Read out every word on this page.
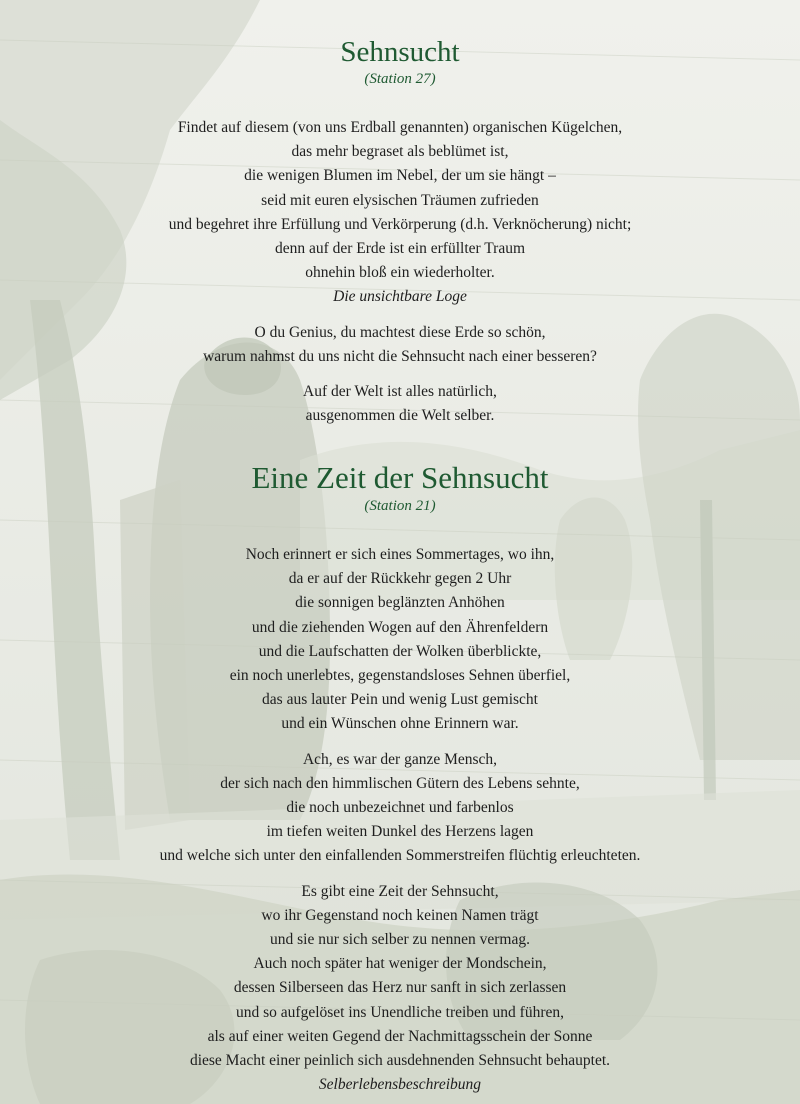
Sehnsucht
(Station 27)
Findet auf diesem (von uns Erdball genannten) organischen Kügelchen,
das mehr begraset als beblümet ist,
die wenigen Blumen im Nebel, der um sie hängt –
seid mit euren elysischen Träumen zufrieden
und begehret ihre Erfüllung und Verkörperung (d.h. Verknöcherung) nicht;
denn auf der Erde ist ein erfüllter Traum
ohnehin bloß ein wiederholter.
Die unsichtbare Loge
O du Genius, du machtest diese Erde so schön,
warum nahmst du uns nicht die Sehnsucht nach einer besseren?
Auf der Welt ist alles natürlich,
ausgenommen die Welt selber.
Eine Zeit der Sehnsucht
(Station 21)
Noch erinnert er sich eines Sommertages, wo ihn,
da er auf der Rückkehr gegen 2 Uhr
die sonnigen beglänzten Anhöhen
und die ziehenden Wogen auf den Ährenfeldern
und die Laufschatten der Wolken überblickte,
ein noch unerlebtes, gegenstandsloses Sehnen überfiel,
das aus lauter Pein und wenig Lust gemischt
und ein Wünschen ohne Erinnern war.
Ach, es war der ganze Mensch,
der sich nach den himmlischen Gütern des Lebens sehnte,
die noch unbezeichnet und farbenlos
im tiefen weiten Dunkel des Herzens lagen
und welche sich unter den einfallenden Sommerstreifen flüchtig erleuchteten.
Es gibt eine Zeit der Sehnsucht,
wo ihr Gegenstand noch keinen Namen trägt
und sie nur sich selber zu nennen vermag.
Auch noch später hat weniger der Mondschein,
dessen Silberseen das Herz nur sanft in sich zerlassen
und so aufgelöset ins Unendliche treiben und führen,
als auf einer weiten Gegend der Nachmittagsschein der Sonne
diese Macht einer peinlich sich ausdehnenden Sehnsucht behauptet.
Selberlebensbeschreibung
